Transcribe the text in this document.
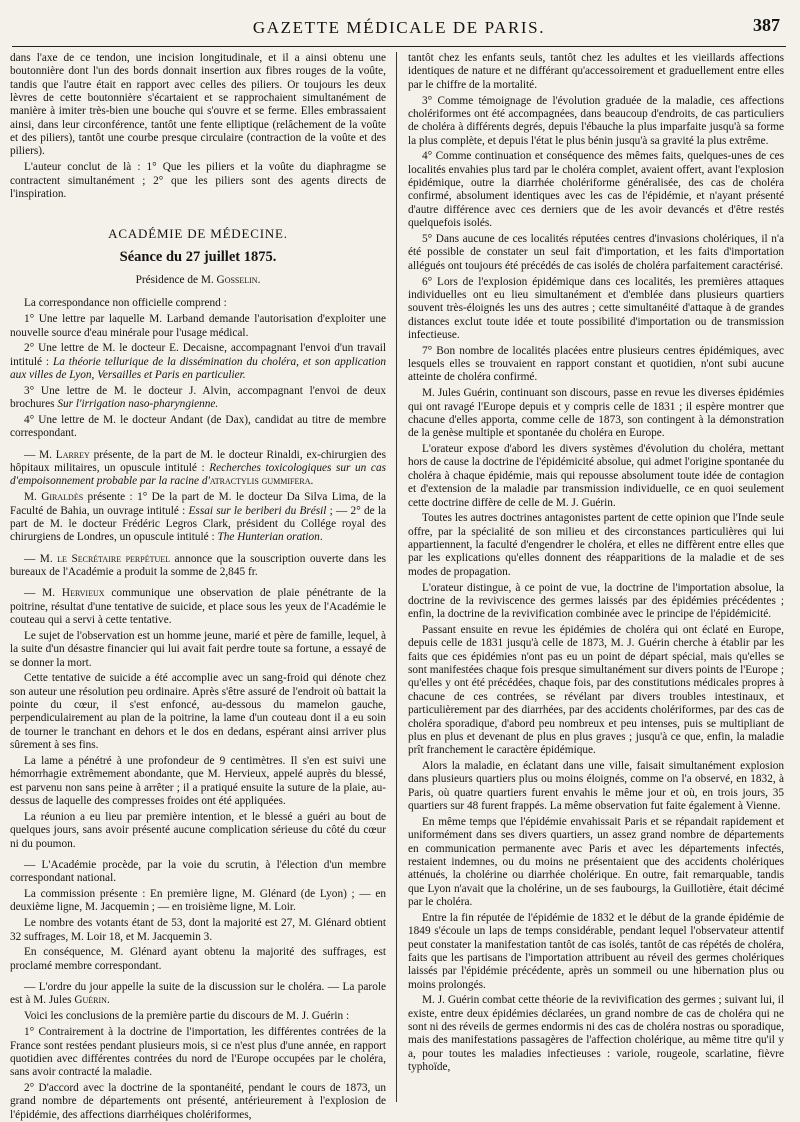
GAZETTE MÉDICALE DE PARIS.	387

dans l'axe de ce tendon, une incision longitudinale, et il a ainsi obtenu une boutonnière dont l'un des bords donnait insertion aux fibres rouges de la voûte, tandis que l'autre était en rapport avec celles des piliers. Or toujours les deux lèvres de cette boutonnière s'écartaient et se rapprochaient simultanément de manière à imiter très-bien une bouche qui s'ouvre et se ferme. Elles embrassaient ainsi, dans leur circonférence, tantôt une fente elliptique (relâchement de la voûte et des piliers), tantôt une courbe presque circulaire (contraction de la voûte et des piliers).

L'auteur conclut de là : 1° Que les piliers et la voûte du diaphragme se contractent simultanément ; 2° que les piliers sont des agents directs de l'inspiration.

ACADÉMIE DE MÉDECINE.
Séance du 27 juillet 1875.
Présidence de M. Gosselin.

La correspondance non officielle comprend :

1° Une lettre par laquelle M. Larband demande l'autorisation d'exploiter une nouvelle source d'eau minérale pour l'usage médical.

2° Une lettre de M. le docteur E. Decaisne, accompagnant l'envoi d'un travail intitulé : La théorie tellurique de la dissémination du choléra, et son application aux villes de Lyon, Versailles et Paris en particulier.

3° Une lettre de M. le docteur J. Alvin, accompagnant l'envoi de deux brochures Sur l'irrigation naso-pharyngienne.

4° Une lettre de M. le docteur Andant (de Dax), candidat au titre de membre correspondant.

— M. Larrey présente, de la part de M. le docteur Rinaldi, ex-chirurgien des hôpitaux militaires, un opuscule intitulé : Recherches toxicologiques sur un cas d'empoisonnement probable par la racine d'atractylis gummifera.

M. Giraldès présente : 1° De la part de M. le docteur Da Silva Lima, de la Faculté de Bahia, un ouvrage intitulé : Essai sur le beriberi du Brésil ; — 2° de la part de M. le docteur Frédéric Legros Clark, président du Collége royal des chirurgiens de Londres, un opuscule intitulé : The Hunterian oration.

— M. le Secrétaire perpétuel annonce que la souscription ouverte dans les bureaux de l'Académie a produit la somme de 2,845 fr.

— M. Hervieux communique une observation de plaie pénétrante de la poitrine, résultat d'une tentative de suicide, et place sous les yeux de l'Académie le couteau qui a servi à cette tentative.

Le sujet de l'observation est un homme jeune, marié et père de famille, lequel, à la suite d'un désastre financier qui lui avait fait perdre toute sa fortune, a essayé de se donner la mort.

Cette tentative de suicide a été accomplie avec un sang-froid qui dénote chez son auteur une résolution peu ordinaire. Après s'être assuré de l'endroit où battait la pointe du cœur, il s'est enfoncé, au-dessous du mamelon gauche, perpendiculairement au plan de la poitrine, la lame d'un couteau dont il a eu soin de tourner le tranchant en dehors et le dos en dedans, espérant ainsi arriver plus sûrement à ses fins.

La lame a pénétré à une profondeur de 9 centimètres. Il s'en est suivi une hémorrhagie extrêmement abondante, que M. Hervieux, appelé auprès du blessé, est parvenu non sans peine à arrêter ; il a pratiqué ensuite la suture de la plaie, au-dessus de laquelle des compresses froides ont été appliquées.

La réunion a eu lieu par première intention, et le blessé a guéri au bout de quelques jours, sans avoir présenté aucune complication sérieuse du côté du cœur ni du poumon.

— L'Académie procède, par la voie du scrutin, à l'élection d'un membre correspondant national.

La commission présente : En première ligne, M. Glénard (de Lyon) ; — en deuxième ligne, M. Jacquemin ; — en troisième ligne, M. Loir.

Le nombre des votants étant de 53, dont la majorité est 27, M. Glénard obtient 32 suffrages, M. Loir 18, et M. Jacquemin 3.

En conséquence, M. Glénard ayant obtenu la majorité des suffrages, est proclamé membre correspondant.

— L'ordre du jour appelle la suite de la discussion sur le choléra. — La parole est à M. Jules Guérin.

Voici les conclusions de la première partie du discours de M. J. Guérin :

1° Contrairement à la doctrine de l'importation, les différentes contrées de la France sont restées pendant plusieurs mois, si ce n'est plus d'une année, en rapport quotidien avec différentes contrées du nord de l'Europe occupées par le choléra, sans avoir contracté la maladie.

2° D'accord avec la doctrine de la spontanéité, pendant le cours de 1873, un grand nombre de départements ont présenté, antérieurement à l'explosion de l'épidémie, des affections diarrhéiques cholériformes,

tantôt chez les enfants seuls, tantôt chez les adultes et les vieillards affections identiques de nature et ne différant qu'accessoirement et graduellement entre elles par le chiffre de la mortalité.

3° Comme témoignage de l'évolution graduée de la maladie, ces affections cholériformes ont été accompagnées, dans beaucoup d'endroits, de cas particuliers de choléra à différents degrés, depuis l'ébauche la plus imparfaite jusqu'à sa forme la plus complète, et depuis l'état le plus bénin jusqu'à sa gravité la plus extrême.

4° Comme continuation et conséquence des mêmes faits, quelques-unes de ces localités envahies plus tard par le choléra complet, avaient offert, avant l'explosion épidémique, outre la diarrhée cholériforme généralisée, des cas de choléra confirmé, absolument identiques avec les cas de l'épidémie, et n'ayant présenté d'autre différence avec ces derniers que de les avoir devancés et d'être restés quelquefois isolés.

5° Dans aucune de ces localités réputées centres d'invasions cholériques, il n'a été possible de constater un seul fait d'importation, et les faits d'importation allégués ont toujours été précédés de cas isolés de choléra parfaitement caractérisé.

6° Lors de l'explosion épidémique dans ces localités, les premières attaques individuelles ont eu lieu simultanément et d'emblée dans plusieurs quartiers souvent très-éloignés les uns des autres ; cette simultanéité d'attaque à de grandes distances exclut toute idée et toute possibilité d'importation ou de transmission infectieuse.

7° Bon nombre de localités placées entre plusieurs centres épidémiques, avec lesquels elles se trouvaient en rapport constant et quotidien, n'ont subi aucune atteinte de choléra confirmé.

M. Jules Guérin, continuant son discours, passe en revue les diverses épidémies qui ont ravagé l'Europe depuis et y compris celle de 1831 ; il espère montrer que chacune d'elles apporta, comme celle de 1873, son contingent à la démonstration de la genèse multiple et spontanée du choléra en Europe.

L'orateur expose d'abord les divers systèmes d'évolution du choléra, mettant hors de cause la doctrine de l'épidémicité absolue, qui admet l'origine spontanée du choléra à chaque épidémie, mais qui repousse absolument toute idée de contagion et d'extension de la maladie par transmission individuelle, ce en quoi seulement cette doctrine diffère de celle de M. J. Guérin.

Toutes les autres doctrines antagonistes partent de cette opinion que l'Inde seule offre, par la spécialité de son milieu et des circonstances particulières qui lui appartiennent, la faculté d'engendrer le choléra, et elles ne diffèrent entre elles que par les explications qu'elles donnent des réapparitions de la maladie et de ses modes de propagation.

L'orateur distingue, à ce point de vue, la doctrine de l'importation absolue, la doctrine de la reviviscence des germes laissés par des épidémies précédentes ; enfin, la doctrine de la revivification combinée avec le principe de l'épidémicité.

Passant ensuite en revue les épidémies de choléra qui ont éclaté en Europe, depuis celle de 1831 jusqu'à celle de 1873, M. J. Guérin cherche à établir par les faits que ces épidémies n'ont pas eu un point de départ spécial, mais qu'elles se sont manifestées chaque fois presque simultanément sur divers points de l'Europe ; qu'elles y ont été précédées, chaque fois, par des constitutions médicales propres à chacune de ces contrées, se révélant par divers troubles intestinaux, et particulièrement par des diarrhées, par des accidents cholériformes, par des cas de choléra sporadique, d'abord peu nombreux et peu intenses, puis se multipliant de plus en plus et devenant de plus en plus graves ; jusqu'à ce que, enfin, la maladie prît franchement le caractère épidémique.

Alors la maladie, en éclatant dans une ville, faisait simultanément explosion dans plusieurs quartiers plus ou moins éloignés, comme on l'a observé, en 1832, à Paris, où quatre quartiers furent envahis le même jour et où, en trois jours, 35 quartiers sur 48 furent frappés. La même observation fut faite également à Vienne.

En même temps que l'épidémie envahissait Paris et se répandait rapidement et uniformément dans ses divers quartiers, un assez grand nombre de départements en communication permanente avec Paris et avec les départements infectés, restaient indemnes, ou du moins ne présentaient que des accidents cholériques atténués, la cholérine ou diarrhée cholérique. En outre, fait remarquable, tandis que Lyon n'avait que la cholérine, un de ses faubourgs, la Guillotière, était décimé par le choléra.

Entre la fin réputée de l'épidémie de 1832 et le début de la grande épidémie de 1849 s'écoule un laps de temps considérable, pendant lequel l'observateur attentif peut constater la manifestation tantôt de cas isolés, tantôt de cas répétés de choléra, faits que les partisans de l'importation attribuent au réveil des germes cholériques laissés par l'épidémie précédente, après un sommeil ou une hibernation plus ou moins prolongés.

M. J. Guérin combat cette théorie de la revivification des germes ; suivant lui, il existe, entre deux épidémies déclarées, un grand nombre de cas de choléra qui ne sont ni des réveils de germes endormis ni des cas de choléra nostras ou sporadique, mais des manifestations passagères de l'affection cholérique, au même titre qu'il y a, pour toutes les maladies infectieuses : variole, rougeole, scarlatine, fièvre typhoïde,
